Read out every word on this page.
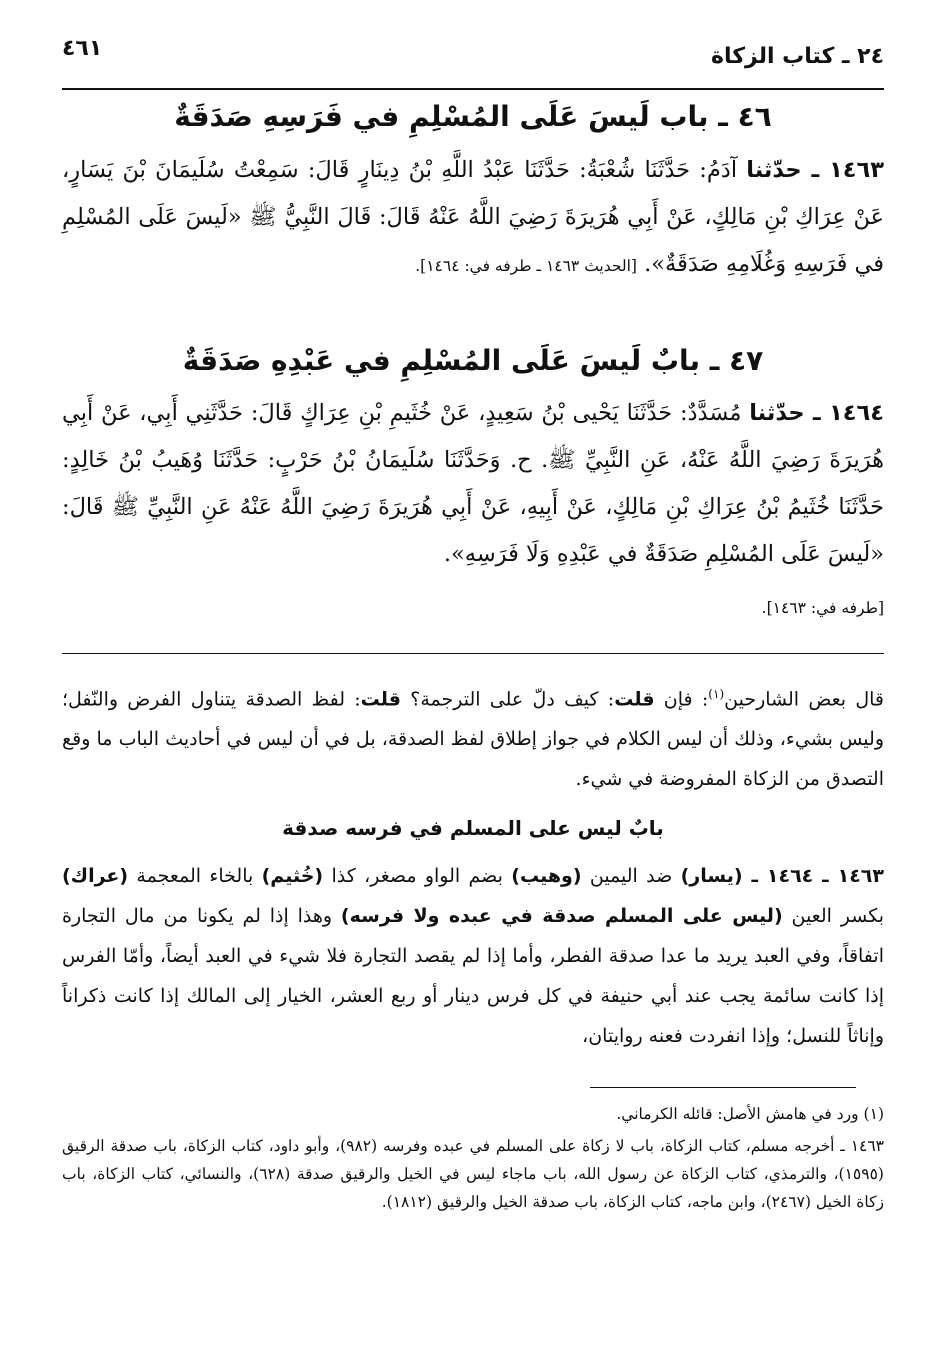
٢٤ ـ كتاب الزكاة
٤٦١
٤٦ ـ باب لَيسَ عَلَى المُسْلِمِ في فَرَسِهِ صَدَقَةٌ
١٤٦٣ ـ حدّثنا آدَمُ: حَدَّثَنَا شُعْبَةُ: حَدَّثَنَا عَبْدُ اللَّهِ بْنُ دِينَارٍ قَالَ: سَمِعْتُ سُلَيمَانَ بْنَ يَسَارٍ، عَنْ عِرَاكِ بْنِ مَالِكٍ، عَنْ أَبِي هُرَيرَةَ رَضِيَ اللَّهُ عَنْهُ قَالَ: قَالَ النَّبِيُّ ﷺ «لَيسَ عَلَى المُسْلِمِ في فَرَسِهِ وَغُلَامِهِ صَدَقَةٌ». [الحديث ١٤٦٣ ـ طرفه في: ١٤٦٤].
٤٧ ـ بابٌ لَيسَ عَلَى المُسْلِمِ في عَبْدِهِ صَدَقَةٌ
١٤٦٤ ـ حدّثنا مُسَدَّدٌ: حَدَّثَنَا يَحْيى بْنُ سَعِيدٍ، عَنْ خُثَيمِ بْنِ عِرَاكٍ قَالَ: حَدَّثَنِي أَبِي، عَنْ أَبِي هُرَيرَةَ رَضِيَ اللَّهُ عَنْهُ، عَنِ النَّبِيِّ ﷺ. ح. وَحَدَّثَنَا سُلَيمَانُ بْنُ حَرْبٍ: حَدَّثَنَا وُهَيبُ بْنُ خَالِدٍ: حَدَّثَنَا خُثَيمُ بْنُ عِرَاكِ بْنِ مَالِكٍ، عَنْ أَبِيهِ، عَنْ أَبِي هُرَيرَةَ رَضِيَ اللَّهُ عَنْهُ عَنِ النَّبِيِّ ﷺ قَالَ: «لَيسَ عَلَى المُسْلِمِ صَدَقَةٌ في عَبْدِهِ وَلَا فَرَسِهِ».
[طرفه في: ١٤٦٣].
قال بعض الشارحين$^{(١)}$: فإن قلت: كيف دلّ على الترجمة؟ قلت: لفظ الصدقة يتناول الفرض والنّفل؛ وليس بشيء، وذلك أن ليس الكلام في جواز إطلاق لفظ الصدقة، بل في أن ليس في أحاديث الباب ما وقع التصدق من الزكاة المفروضة في شيء.
بابٌ ليس على المسلم في فرسه صدقة
١٤٦٣ ـ ١٤٦٤ ـ (يسار) ضد اليمين (وهيب) بضم الواو مصغر، كذا (خُثيم) بالخاء المعجمة (عراك) بكسر العين (ليس على المسلم صدقة في عبده ولا فرسه) وهذا إذا لم يكونا من مال التجارة اتفاقاً، وفي العبد يريد ما عدا صدقة الفطر، وأما إذا لم يقصد التجارة فلا شيء في العبد أيضاً، وأمّا الفرس إذا كانت سائمة يجب عند أبي حنيفة في كل فرس دينار أو ربع العشر، الخيار إلى المالك إذا كانت ذكراناً وإناثاً للنسل؛ وإذا انفردت فعنه روايتان،
(١) ورد في هامش الأصل: قائله الكرماني.
١٤٦٣ ـ أخرجه مسلم، كتاب الزكاة، باب لا زكاة على المسلم في عبده وفرسه (٩٨٢)، وأبو داود، كتاب الزكاة، باب صدقة الرقيق (١٥٩٥)، والترمذي، كتاب الزكاة عن رسول الله، باب ماجاء ليس في الخيل والرقيق صدقة (٦٢٨)، والنسائي، كتاب الزكاة، باب زكاة الخيل (٢٤٦٧)، وابن ماجه، كتاب الزكاة، باب صدقة الخيل والرقيق (١٨١٢).
